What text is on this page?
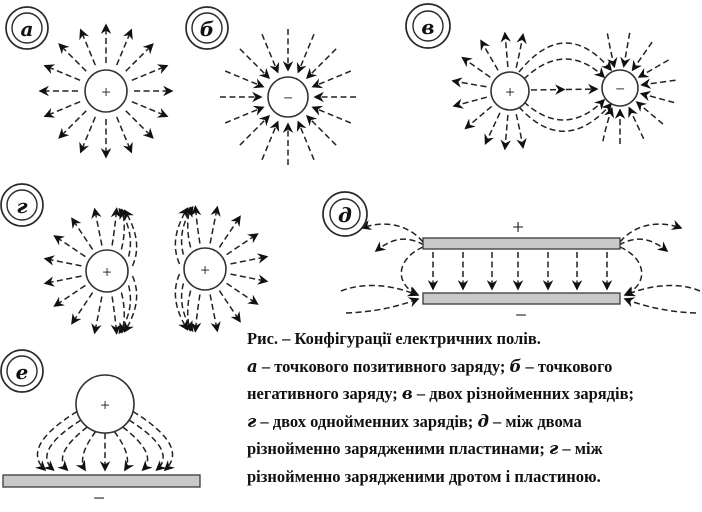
+
−
−
+	−	+	−
+	+
+
а	б	в
г	д
е
Рис. – Конфігурації електричних полів.
а – точкового позитивного заряду; б – точкового
негативного заряду; в – двох різнойменних зарядів;
г – двох однойменних зарядів; д – між двома
різнойменно зарядженими пластинами; г – між
різнойменно зарядженими дротом і пластиною.
